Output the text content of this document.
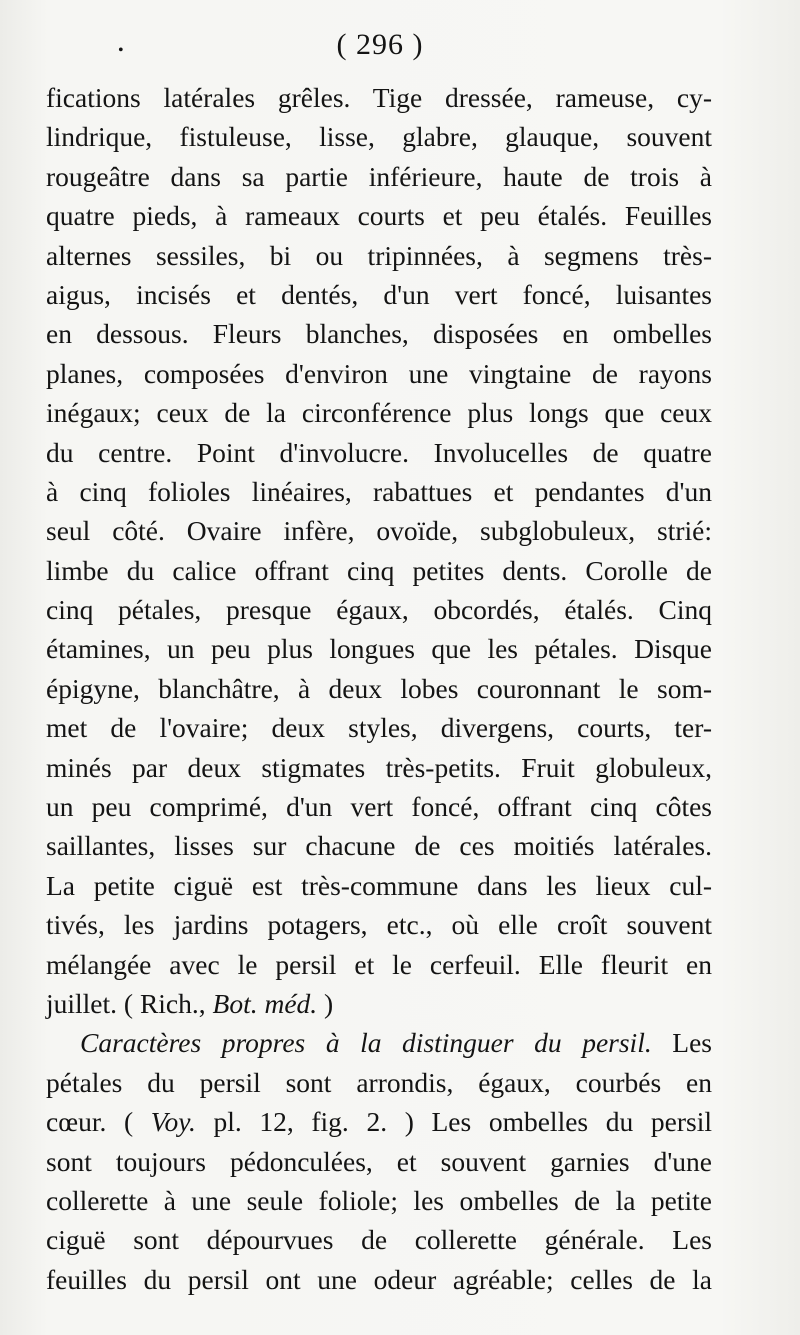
•	( 296 )
fications latérales grêles. Tige dressée, rameuse, cy-
lindrique, fistuleuse, lisse, glabre, glauque, souvent
rougeâtre dans sa partie inférieure, haute de trois à
quatre pieds, à rameaux courts et peu étalés. Feuilles
alternes sessiles, bi ou tripinnées, à segmens très-
aigus, incisés et dentés, d'un vert foncé, luisantes
en dessous. Fleurs blanches, disposées en ombelles
planes, composées d'environ une vingtaine de rayons
inégaux; ceux de la circonférence plus longs que ceux
du centre. Point d'involucre. Involucelles de quatre
à cinq folioles linéaires, rabattues et pendantes d'un
seul côté. Ovaire infère, ovoïde, subglobuleux, strié:
limbe du calice offrant cinq petites dents. Corolle de
cinq pétales, presque égaux, obcordés, étalés. Cinq
étamines, un peu plus longues que les pétales. Disque
épigyne, blanchâtre, à deux lobes couronnant le som-
met de l'ovaire; deux styles, divergens, courts, ter-
minés par deux stigmates très-petits. Fruit globuleux,
un peu comprimé, d'un vert foncé, offrant cinq côtes
saillantes, lisses sur chacune de ces moitiés latérales.
La petite ciguë est très-commune dans les lieux cul-
tivés, les jardins potagers, etc., où elle croît souvent
mélangée avec le persil et le cerfeuil. Elle fleurit en
juillet. ( Rich., Bot. méd. )
Caractères propres à la distinguer du persil. Les
pétales du persil sont arrondis, égaux, courbés en
cœur. ( Voy. pl. 12, fig. 2. ) Les ombelles du persil
sont toujours pédonculées, et souvent garnies d'une
collerette à une seule foliole; les ombelles de la petite
ciguë sont dépourvues de collerette générale. Les
feuilles du persil ont une odeur agréable; celles de la
